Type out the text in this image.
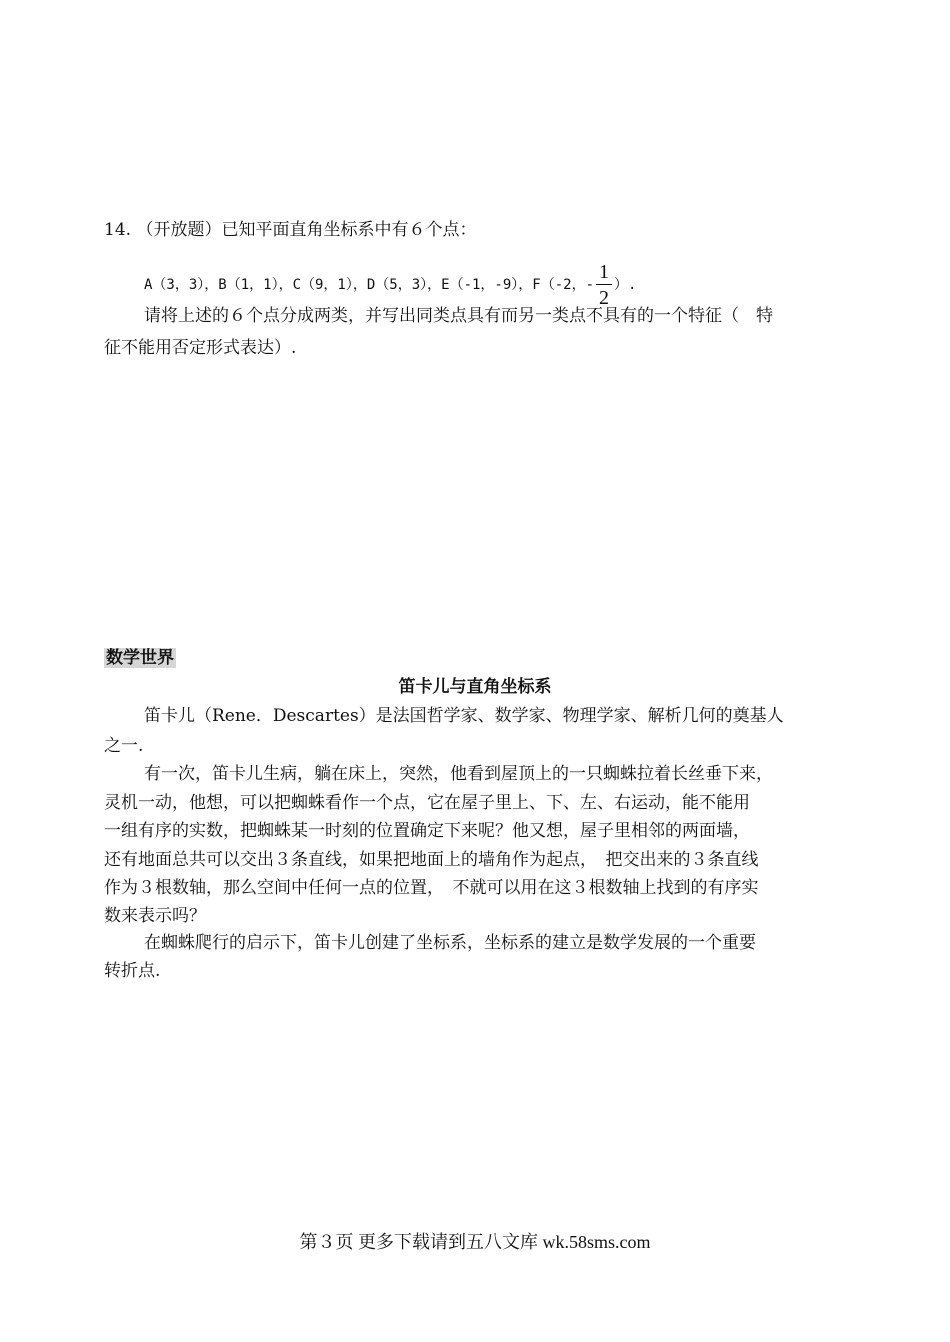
14. （开放题）已知平面直角坐标系中有６个点：
A（3，3），B（1，1），C（9，1），D（5，3），E（-1，-9），F（-2，- $\frac{1}{2}$ ）.
请将上述的６个点分成两类，并写出同类点具有而另一类点不具有的一个特征（　特
征不能用否定形式表达）.
数学世界
笛卡儿与直角坐标系
笛卡儿（Rene．Descartes）是法国哲学家、数学家、物理学家、解析几何的奠基人
之一.
有一次，笛卡儿生病，躺在床上，突然，他看到屋顶上的一只蜘蛛拉着长丝垂下来，
灵机一动，他想，可以把蜘蛛看作一个点，它在屋子里上、下、左、右运动，能不能用
一组有序的实数，把蜘蛛某一时刻的位置确定下来呢？他又想，屋子里相邻的两面墙，
还有地面总共可以交出３条直线，如果把地面上的墙角作为起点，　把交出来的３条直线
作为３根数轴，那么空间中任何一点的位置，　不就可以用在这３根数轴上找到的有序实
数来表示吗？
在蜘蛛爬行的启示下，笛卡儿创建了坐标系，坐标系的建立是数学发展的一个重要
转折点.
第３页 更多下载请到五八文库 wk.58sms.com
